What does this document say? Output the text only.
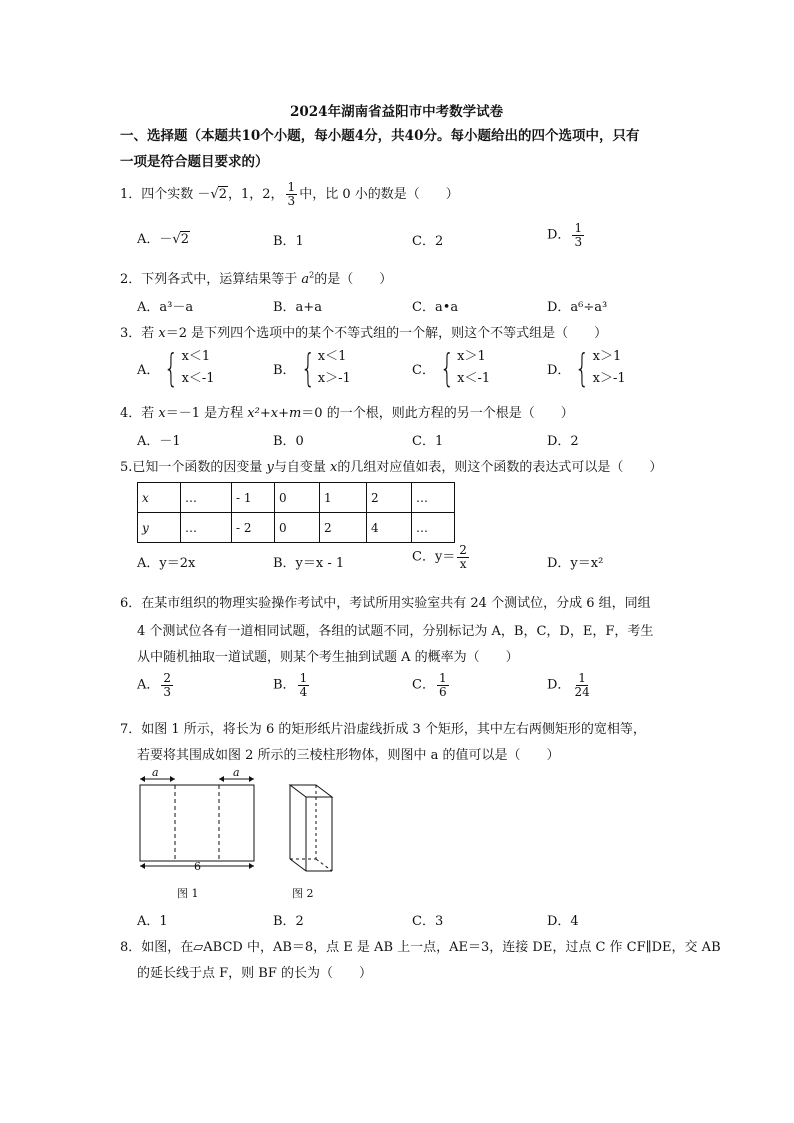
2024年湖南省益阳市中考数学试卷
一、选择题（本题共10个小题，每小题4分，共40分。每小题给出的四个选项中，只有
一项是符合题目要求的）
1．四个实数 －√2，1，2， $\frac{1}{3}$ 中，比 0 小的数是（　　）
A．－√2	B．1	C．2	D． $\frac{1}{3}$
2．下列各式中，运算结果等于 $a^2$的是（　　）
A．a³－a	B．a+a	C．a•a	D．a⁶÷a³
3．若 x＝2 是下列四个选项中的某个不等式组的一个解，则这个不等式组是（　　）
A． { x＜1
x＜-1
B． { x＜1
x＞-1
C． { x＞1
x＜-1
D． { x＞1
x＞-1
4．若 x＝－1 是方程 x²+x+m＝0 的一个根，则此方程的另一个根是（　　）
A．－1	B．0	C．1	D．2
5.已知一个函数的因变量 y与自变量 x的几组对应值如表，则这个函数的表达式可以是（　　）
x	…	- 1	0	1	2	…
y	…	- 2	0	2	4	…
A．y＝2x	B．y＝x - 1	C．$y= \frac{2}{x}$	D．y＝x²
6．在某市组织的物理实验操作考试中，考试所用实验室共有 24 个测试位，分成 6 组，同组
4 个测试位各有一道相同试题，各组的试题不同，分别标记为 A，B，C，D，E，F，考生
从中随机抽取一道试题，则某个考生抽到试题 A 的概率为（　　）
A． $\frac{2}{3}$	B． $\frac{1}{4}$	C． $\frac{1}{6}$	D． $\frac{1}{24}$
7．如图 1 所示，将长为 6 的矩形纸片沿虚线折成 3 个矩形，其中左右两侧矩形的宽相等，
若要将其围成如图 2 所示的三棱柱形物体，则图中 a 的值可以是（　　）
a	a
6
图 1	图 2
A．1	B．2	C．3	D．4
8．如图，在▱ABCD 中，AB＝8，点 E 是 AB 上一点，AE＝3，连接 DE，过点 C 作 CF∥DE，交 AB
的延长线于点 F，则 BF 的长为（　　）
